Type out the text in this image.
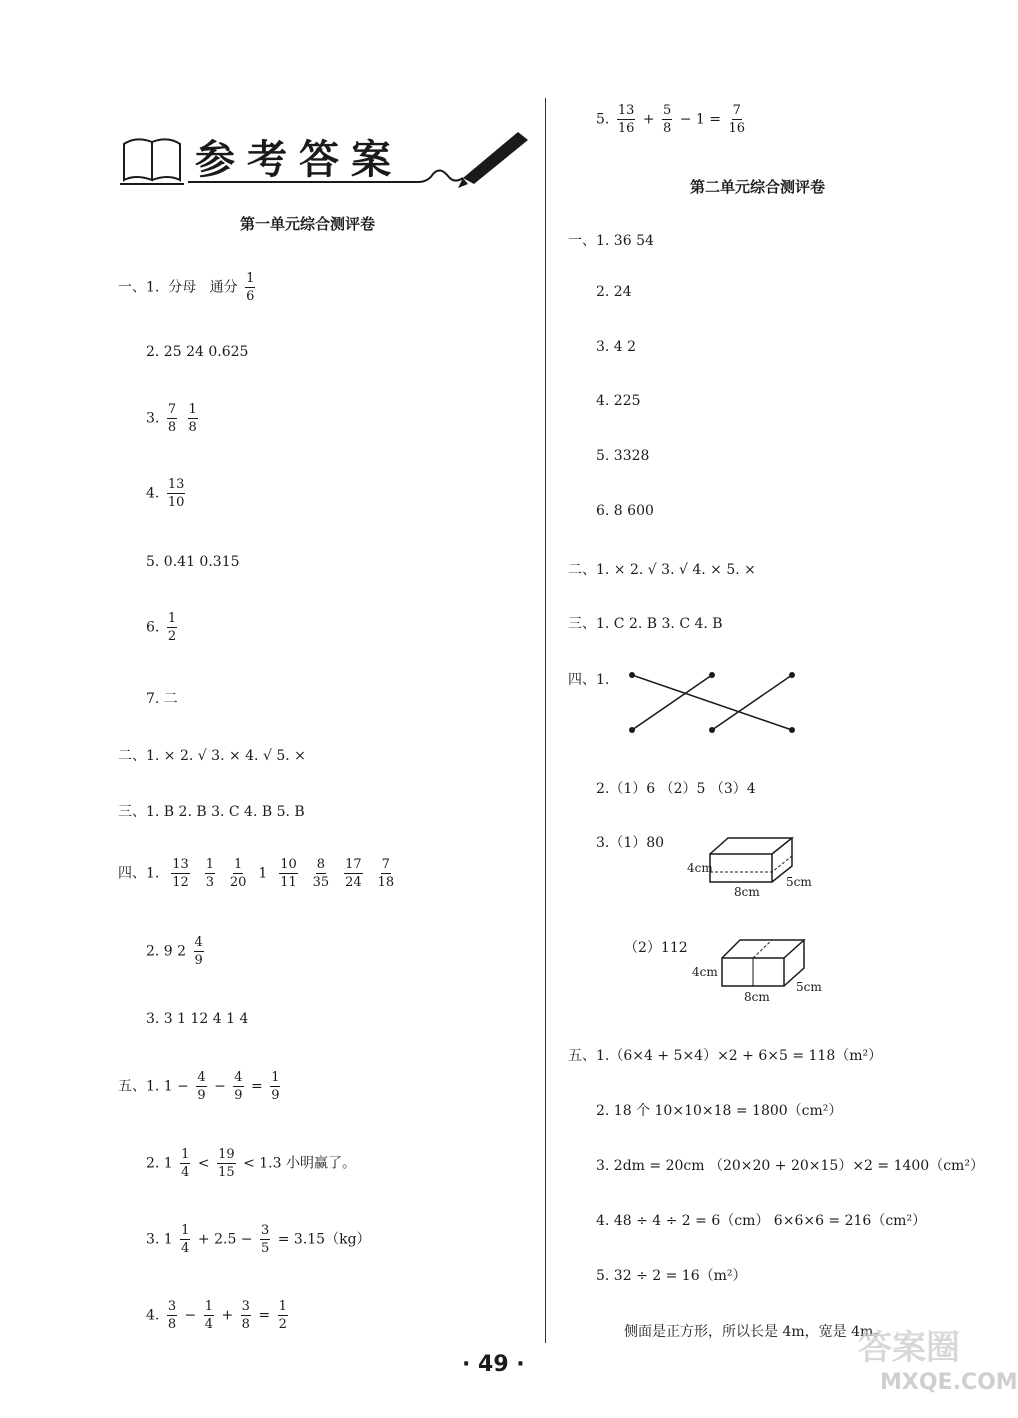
参考答案
第一单元综合测评卷
一、1. 分母 通分 $\frac{1}{6}$
2. 25 24 0.625
3. $\frac{7}{8}$
$\frac{1}{8}$
4. $\frac{13}{10}$
5. 0.41 0.315
6. $\frac{1}{2}$
7. 二
二、1. × 2. √ 3. × 4. √ 5. ×
三、1. B 2. B 3. C 4. B 5. B
四、1. $\frac{13}{12}$
$\frac{1}{3}$
$\frac{1}{20} 1 \frac{10}{11}$
$\frac{8}{35}$
$\frac{17}{24}$
$\frac{7}{18}$
2. 9 $2 \frac{4}{9}$
3. 3 1 12 4 1 4
五、1. $1 - \frac{4}{9} - \frac{4}{9} = \frac{1}{9}$
2. $1 \frac{1}{4} < \frac{19}{15} < 1.3$ 小明赢了。
3. $1 \frac{1}{4} + 2.5 - \frac{3}{5} = 3.15(kg)$
4. $\frac{3}{8} - \frac{1}{4} + \frac{3}{8} = \frac{1}{2}$
5. $\frac{13}{16} + \frac{5}{8} - 1 = \frac{7}{16}$
第二单元综合测评卷
一、1. 36 54
2. 24
3. 4 2
4. 225
5. 3328
6. 8 600
二、1. × 2. √ 3. √ 4. × 5. ×
三、1. C 2. B 3. C 4. B
四、1.
2.（1）6 （2）5 （3）4
3.（1）80
4cm
8cm
5cm
（2）112
4cm
8cm
5cm
五、1.（6×4 + 5×4）×2 + 6×5 = 118（m²）
2. 18 个 10×10×18 = 1800（cm²）
3. 2dm = 20cm （20×20 + 20×15）×2 = 1400（cm²）
4. 48 ÷ 4 ÷ 2 = 6（cm） 6×6×6 = 216（cm²）
5. 32 ÷ 2 = 16（m²）
侧面是正方形，所以长是 4m，宽是 4m。
· 49 ·	答案圈
MXQE.COM
